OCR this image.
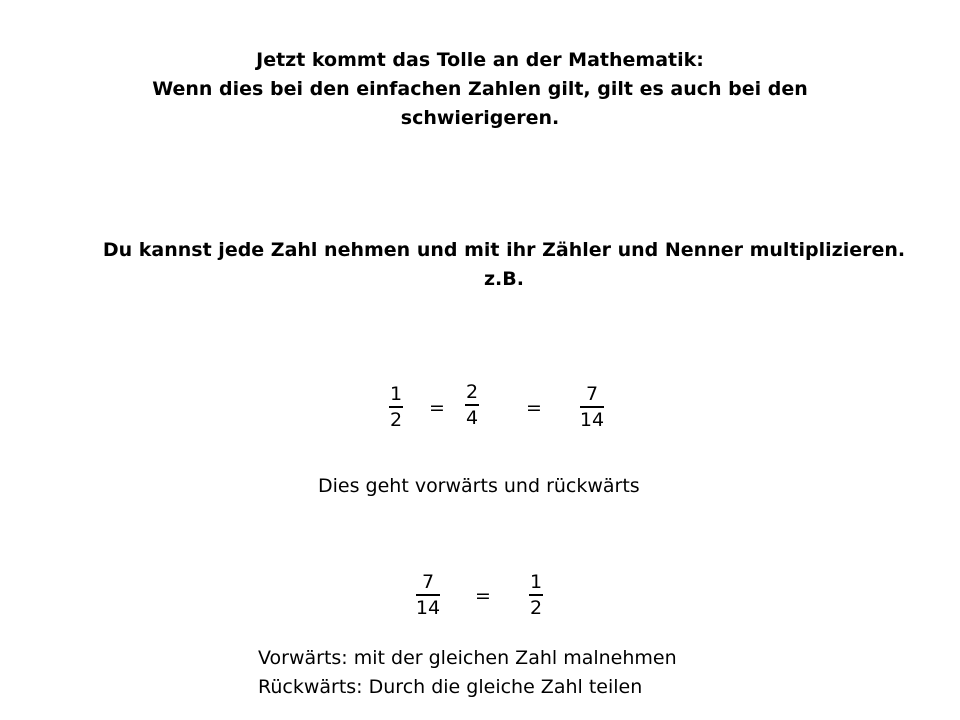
Jetzt kommt das Tolle an der Mathematik:
Wenn dies bei den einfachen Zahlen gilt, gilt es auch bei den
schwierigeren.
Du kannst jede Zahl nehmen und mit ihr Zähler und Nenner multiplizieren.
z.B.
1
2
=
2
4	=
7
14
Dies geht vorwärts und rückwärts
7
14
=
1
2
Vorwärts: mit der gleichen Zahl malnehmen
Rückwärts: Durch die gleiche Zahl teilen
